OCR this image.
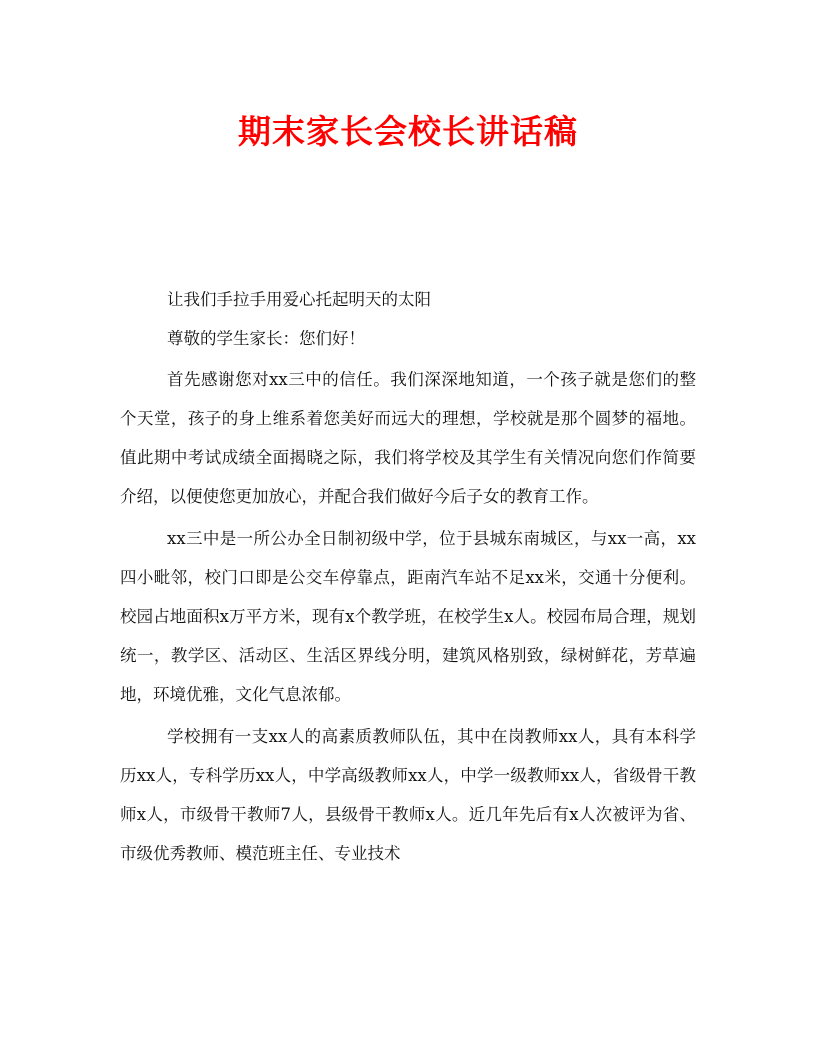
期末家长会校长讲话稿

让我们手拉手用爱心托起明天的太阳

尊敬的学生家长：您们好！

首先感谢您对xx三中的信任。我们深深地知道，一个孩子就是您们的整个天堂，孩子的身上维系着您美好而远大的理想，学校就是那个圆梦的福地。值此期中考试成绩全面揭晓之际，我们将学校及其学生有关情况向您们作简要介绍，以便使您更加放心，并配合我们做好今后子女的教育工作。

xx三中是一所公办全日制初级中学，位于县城东南城区，与xx一高，xx四小毗邻，校门口即是公交车停靠点，距南汽车站不足xx米，交通十分便利。校园占地面积x万平方米，现有x个教学班，在校学生x人。校园布局合理，规划统一，教学区、活动区、生活区界线分明，建筑风格别致，绿树鲜花，芳草遍地，环境优雅，文化气息浓郁。

学校拥有一支xx人的高素质教师队伍，其中在岗教师xx人，具有本科学历xx人，专科学历xx人，中学高级教师xx人，中学一级教师xx人，省级骨干教师x人，市级骨干教师7人，县级骨干教师x人。近几年先后有x人次被评为省、市级优秀教师、模范班主任、专业技术
